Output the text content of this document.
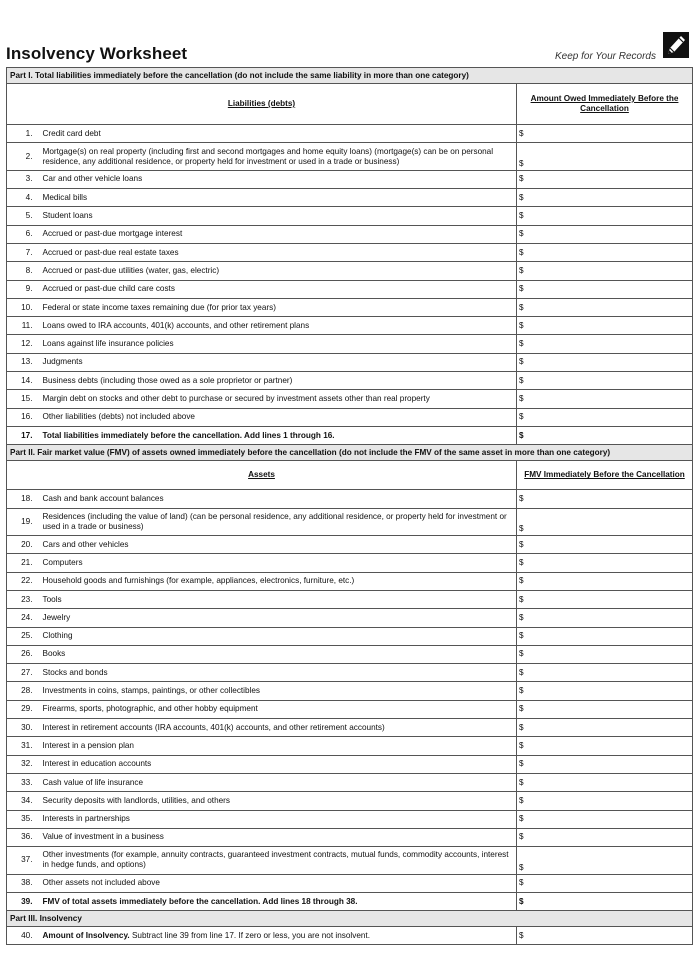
Insolvency Worksheet	Keep for Your Records
Part I. Total liabilities immediately before the cancellation (do not include the same liability in more than one category)		
Liabilities (debts)		Amount Owed Immediately Before the Cancellation
1.	Credit card debt	$
2.	Mortgage(s) on real property (including first and second mortgages and home equity loans) (mortgage(s) can be on personal residence, any additional residence, or property held for investment or used in a trade or business)	$
3.	Car and other vehicle loans	$
4.	Medical bills	$
5.	Student loans	$
6.	Accrued or past-due mortgage interest	$
7.	Accrued or past-due real estate taxes	$
8.	Accrued or past-due utilities (water, gas, electric)	$
9.	Accrued or past-due child care costs	$
10.	Federal or state income taxes remaining due (for prior tax years)	$
11.	Loans owed to IRA accounts, 401(k) accounts, and other retirement plans	$
12.	Loans against life insurance policies	$
13.	Judgments	$
14.	Business debts (including those owed as a sole proprietor or partner)	$
15.	Margin debt on stocks and other debt to purchase or secured by investment assets other than real property	$
16.	Other liabilities (debts) not included above	$
17.	Total liabilities immediately before the cancellation. Add lines 1 through 16.	$
Part II. Fair market value (FMV) of assets owned immediately before the cancellation (do not include the FMV of the same asset in more than one category)		
Assets		FMV Immediately Before the Cancellation
18.	Cash and bank account balances	$
19.	Residences (including the value of land) (can be personal residence, any additional residence, or property held for investment or used in a trade or business)	$
20.	Cars and other vehicles	$
21.	Computers	$
22.	Household goods and furnishings (for example, appliances, electronics, furniture, etc.)	$
23.	Tools	$
24.	Jewelry	$
25.	Clothing	$
26.	Books	$
27.	Stocks and bonds	$
28.	Investments in coins, stamps, paintings, or other collectibles	$
29.	Firearms, sports, photographic, and other hobby equipment	$
30.	Interest in retirement accounts (IRA accounts, 401(k) accounts, and other retirement accounts)	$
31.	Interest in a pension plan	$
32.	Interest in education accounts	$
33.	Cash value of life insurance	$
34.	Security deposits with landlords, utilities, and others	$
35.	Interests in partnerships	$
36.	Value of investment in a business	$
37.	Other investments (for example, annuity contracts, guaranteed investment contracts, mutual funds, commodity accounts, interest in hedge funds, and options)	$
38.	Other assets not included above	$
39.	FMV of total assets immediately before the cancellation. Add lines 18 through 38.	$
Part III. Insolvency		
40.	Amount of Insolvency. Subtract line 39 from line 17. If zero or less, you are not insolvent.	$
